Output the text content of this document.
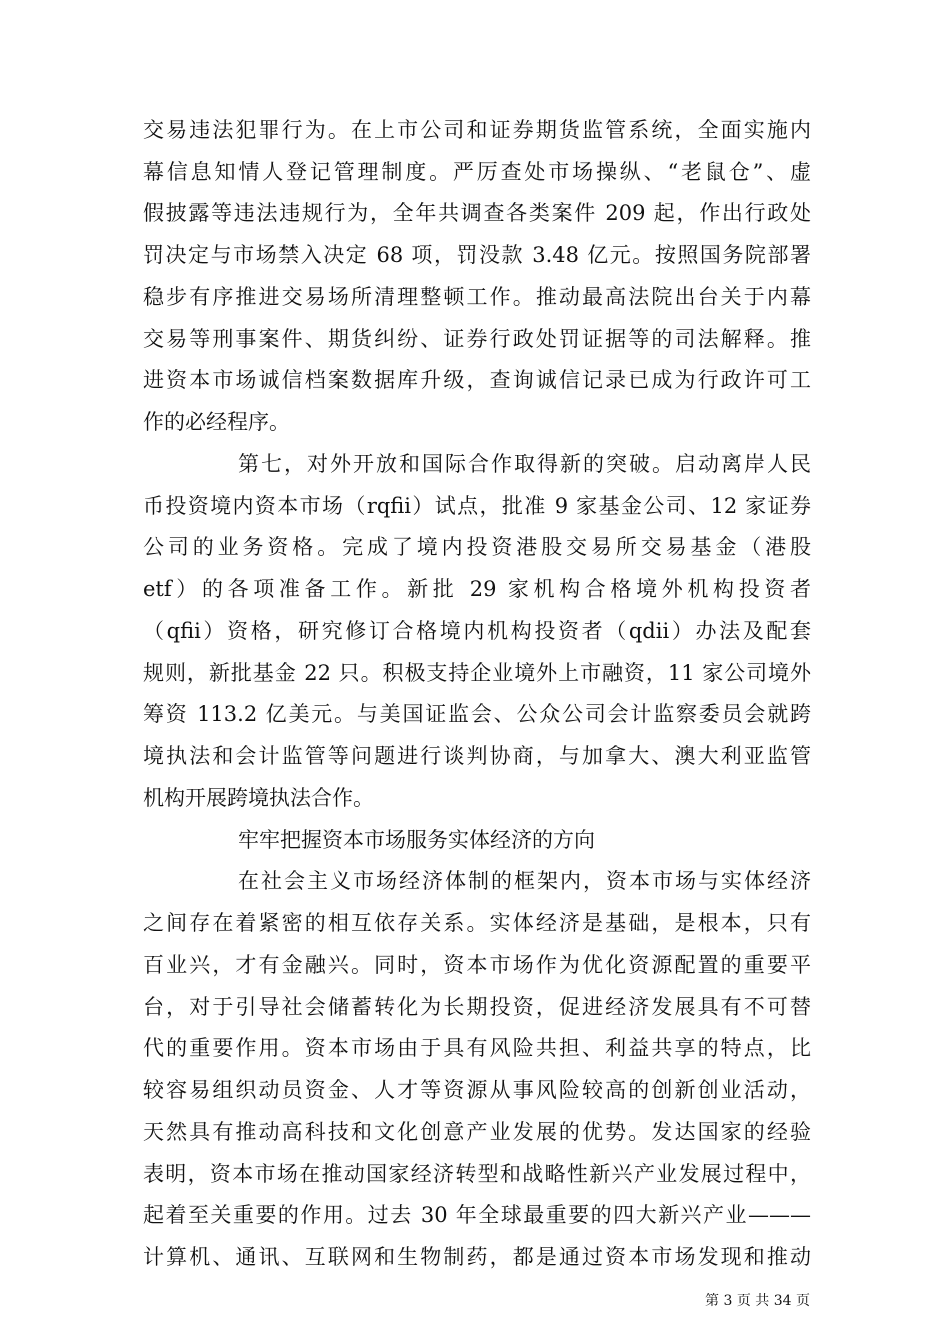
交易违法犯罪行为。在上市公司和证券期货监管系统，全面实施内
幕信息知情人登记管理制度。严厉查处市场操纵、“老鼠仓”、虚
假披露等违法违规行为，全年共调查各类案件 209 起，作出行政处
罚决定与市场禁入决定 68 项，罚没款 3.48 亿元。按照国务院部署
稳步有序推进交易场所清理整顿工作。推动最高法院出台关于内幕
交易等刑事案件、期货纠纷、证券行政处罚证据等的司法解释。推
进资本市场诚信档案数据库升级，查询诚信记录已成为行政许可工
作的必经程序。
第七，对外开放和国际合作取得新的突破。启动离岸人民
币投资境内资本市场（rqfii）试点，批准 9 家基金公司、12 家证券
公司的业务资格。完成了境内投资港股交易所交易基金（港股
etf）的各项准备工作。新批 29 家机构合格境外机构投资者
（qfii）资格，研究修订合格境内机构投资者（qdii）办法及配套
规则，新批基金 22 只。积极支持企业境外上市融资，11 家公司境外
筹资 113.2 亿美元。与美国证监会、公众公司会计监察委员会就跨
境执法和会计监管等问题进行谈判协商，与加拿大、澳大利亚监管
机构开展跨境执法合作。
牢牢把握资本市场服务实体经济的方向
在社会主义市场经济体制的框架内，资本市场与实体经济
之间存在着紧密的相互依存关系。实体经济是基础，是根本，只有
百业兴，才有金融兴。同时，资本市场作为优化资源配置的重要平
台，对于引导社会储蓄转化为长期投资，促进经济发展具有不可替
代的重要作用。资本市场由于具有风险共担、利益共享的特点，比
较容易组织动员资金、人才等资源从事风险较高的创新创业活动，
天然具有推动高科技和文化创意产业发展的优势。发达国家的经验
表明，资本市场在推动国家经济转型和战略性新兴产业发展过程中，
起着至关重要的作用。过去 30 年全球最重要的四大新兴产业———
计算机、通讯、互联网和生物制药，都是通过资本市场发现和推动
第 3 页 共 34 页
